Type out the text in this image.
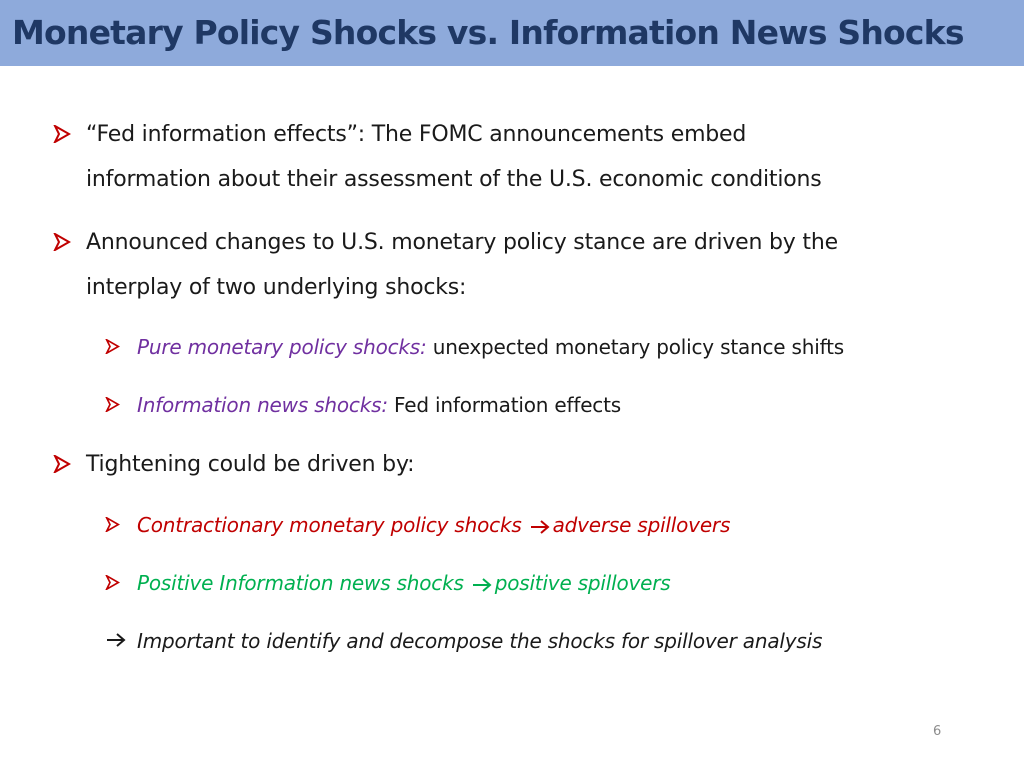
Monetary Policy Shocks vs. Information News Shocks
“Fed information effects”: The FOMC announcements embed
information about their assessment of the U.S. economic conditions
Announced changes to U.S. monetary policy stance are driven by the
interplay of two underlying shocks:
Pure monetary policy shocks: unexpected monetary policy stance shifts
Information news shocks: Fed information effects
Tightening could be driven by:
Contractionary monetary policy shocks adverse spillovers
Positive Information news shocks positive spillovers
Important to identify and decompose the shocks for spillover analysis
6
